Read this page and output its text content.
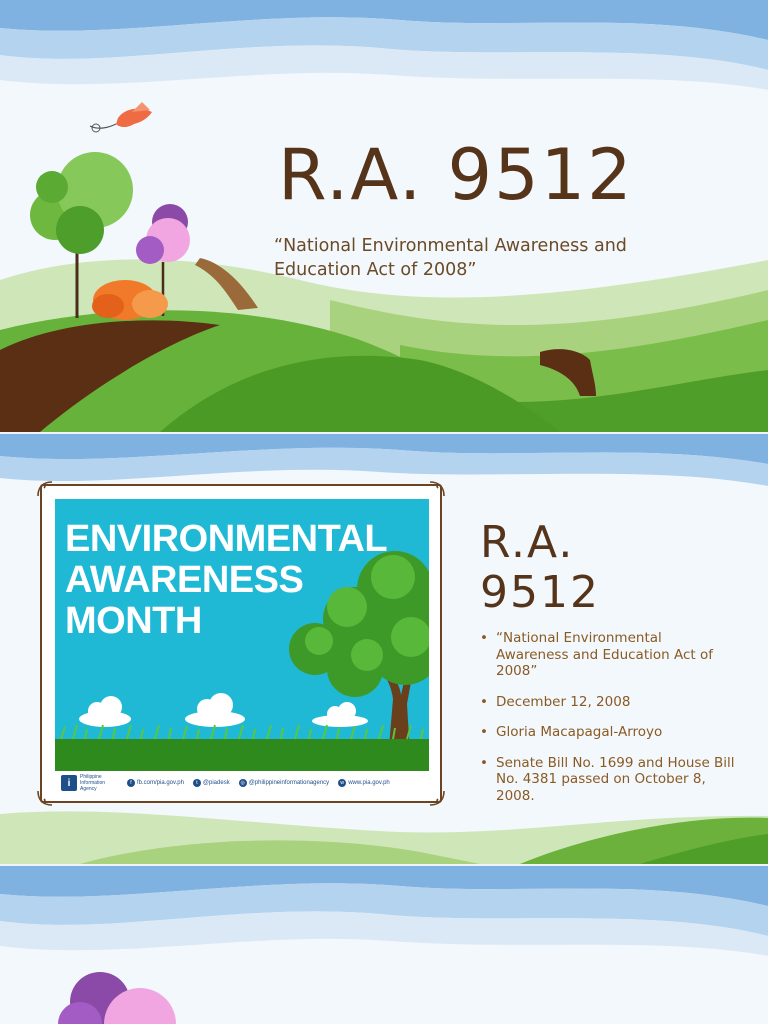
R.A. 9512

“National Environmental Awareness and Education Act of 2008”

ENVIRONMENTAL
AWARENESS
MONTH
i
Philippine Information Agency
f fb.com/pia.gov.ph	t @piadesk	◎ @philippineinformationagency	w www.pia.gov.ph
R.A.
9512
• “National Environmental Awareness and Education Act of 2008”
• December 12, 2008
• Gloria Macapagal-Arroyo
• Senate Bill No. 1699 and House Bill No. 4381 passed on October 8, 2008.
